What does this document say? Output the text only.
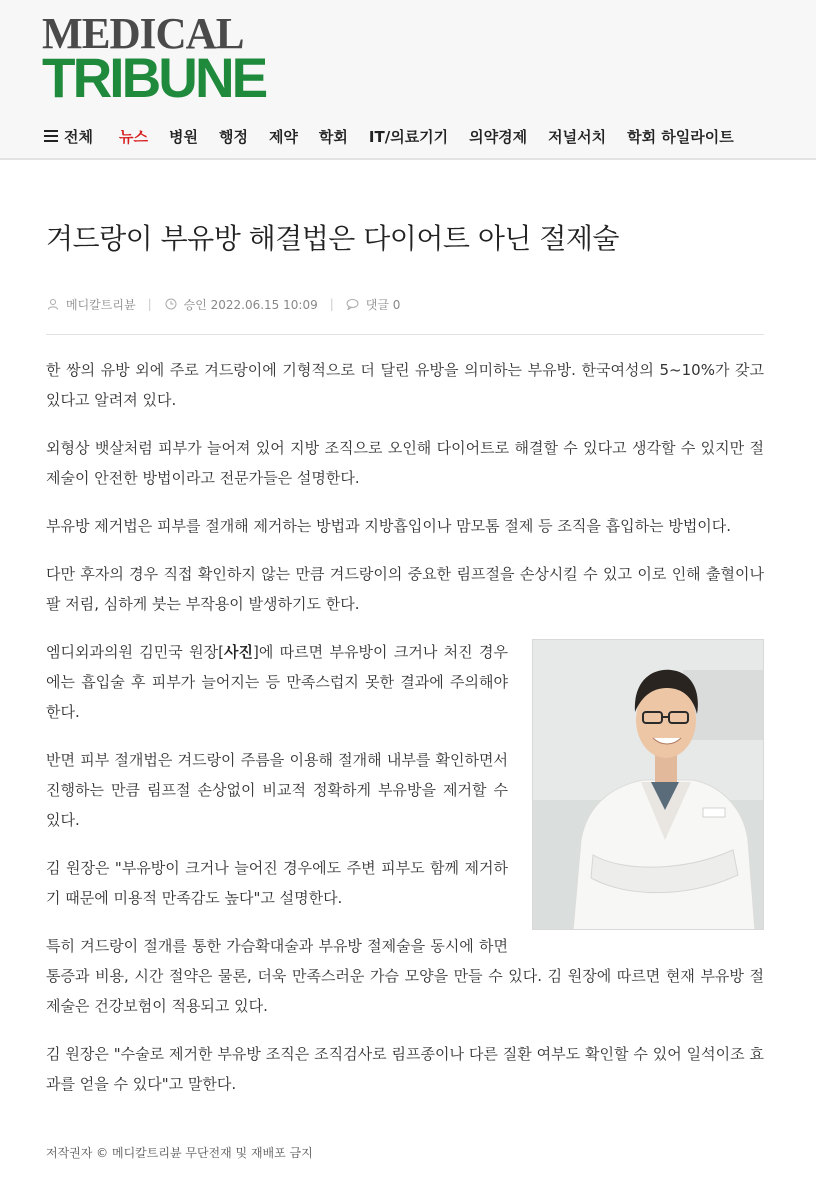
MEDICAL
TRIBUNE
전체 뉴스 병원 행정 제약 학회 IT/의료기기 의약경제 저널서치 학회 하일라이트
겨드랑이 부유방 해결법은 다이어트 아닌 절제술
메디칼트리뷴 |	승인 2022.06.15 10:09 |	댓글 0

한 쌍의 유방 외에 주로 겨드랑이에 기형적으로 더 달린 유방을 의미하는 부유방. 한국여성의 5~10%가 갖고 있다고 알려져 있다.

외형상 뱃살처럼 피부가 늘어져 있어 지방 조직으로 오인해 다이어트로 해결할 수 있다고 생각할 수 있지만 절제술이 안전한 방법이라고 전문가들은 설명한다.

부유방 제거법은 피부를 절개해 제거하는 방법과 지방흡입이나 맘모톰 절제 등 조직을 흡입하는 방법이다.

다만 후자의 경우 직접 확인하지 않는 만큼 겨드랑이의 중요한 림프절을 손상시킬 수 있고 이로 인해 출혈이나 팔 저림, 심하게 붓는 부작용이 발생하기도 한다.

엠디외과의원 김민국 원장[사진]에 따르면 부유방이 크거나 처진 경우에는 흡입술 후 피부가 늘어지는 등 만족스럽지 못한 결과에 주의해야 한다.

반면 피부 절개법은 겨드랑이 주름을 이용해 절개해 내부를 확인하면서 진행하는 만큼 림프절 손상없이 비교적 정확하게 부유방을 제거할 수 있다.

김 원장은 "부유방이 크거나 늘어진 경우에도 주변 피부도 함께 제거하기 때문에 미용적 만족감도 높다"고 설명한다.

특히 겨드랑이 절개를 통한 가슴확대술과 부유방 절제술을 동시에 하면 통증과 비용, 시간 절약은 물론, 더욱 만족스러운 가슴 모양을 만들 수 있다. 김 원장에 따르면 현재 부유방 절제술은 건강보험이 적용되고 있다.

김 원장은 "수술로 제거한 부유방 조직은 조직검사로 림프종이나 다른 질환 여부도 확인할 수 있어 일석이조 효과를 얻을 수 있다"고 말한다.

저작권자 © 메디칼트리뷴 무단전재 및 재배포 금지
